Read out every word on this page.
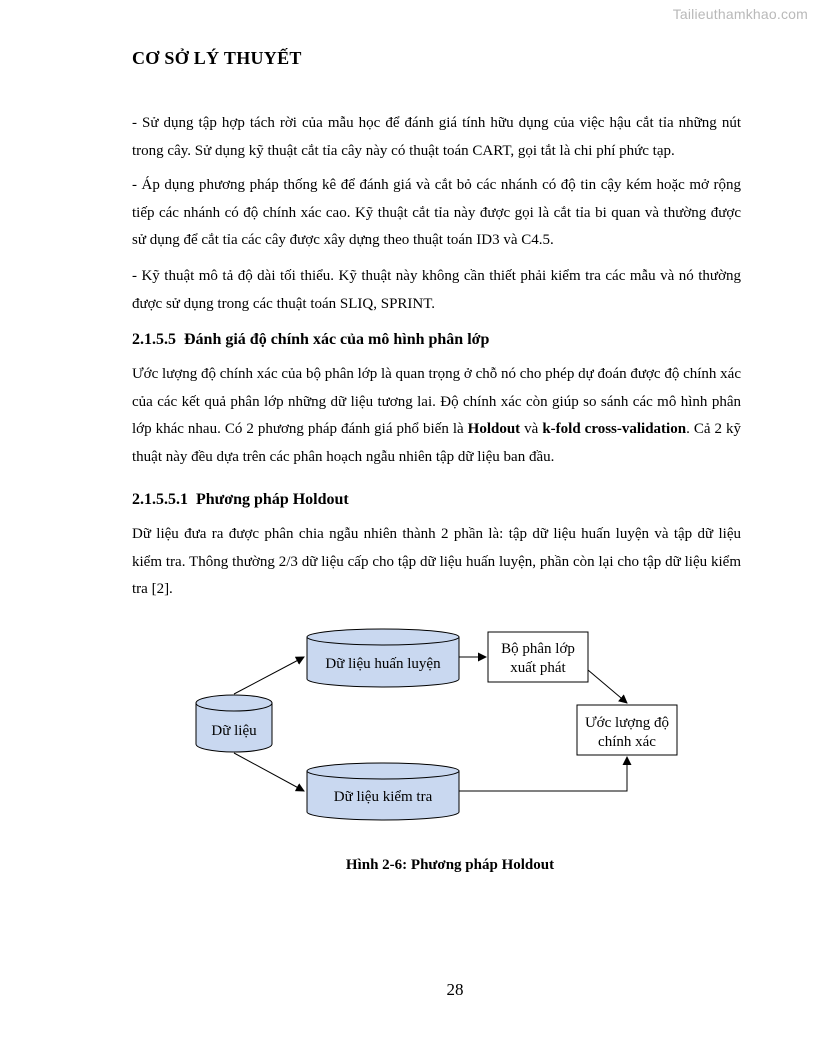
Tailieuthamkhao.com
CƠ SỞ LÝ THUYẾT

- Sử dụng tập hợp tách rời của mẫu học để đánh giá tính hữu dụng của việc hậu cắt tỉa những nút trong cây. Sử dụng kỹ thuật cắt tỉa cây này có thuật toán CART, gọi tắt là chi phí phức tạp.

- Áp dụng phương pháp thống kê để đánh giá và cắt bỏ các nhánh có độ tin cậy kém hoặc mở rộng tiếp các nhánh có độ chính xác cao. Kỹ thuật cắt tỉa này được gọi là cắt tỉa bi quan và thường được sử dụng để cắt tỉa các cây được xây dựng theo thuật toán ID3 và C4.5.

- Kỹ thuật mô tả độ dài tối thiểu. Kỹ thuật này không cần thiết phải kiểm tra các mẫu và nó thường được sử dụng trong các thuật toán SLIQ, SPRINT.

2.1.5.5 Đánh giá độ chính xác của mô hình phân lớp

Ước lượng độ chính xác của bộ phân lớp là quan trọng ở chỗ nó cho phép dự đoán được độ chính xác của các kết quả phân lớp những dữ liệu tương lai. Độ chính xác còn giúp so sánh các mô hình phân lớp khác nhau. Có 2 phương pháp đánh giá phổ biến là Holdout và k-fold cross-validation. Cả 2 kỹ thuật này đều dựa trên các phân hoạch ngẫu nhiên tập dữ liệu ban đầu.

2.1.5.5.1 Phương pháp Holdout

Dữ liệu đưa ra được phân chia ngẫu nhiên thành 2 phần là: tập dữ liệu huấn luyện và tập dữ liệu kiểm tra. Thông thường 2/3 dữ liệu cấp cho tập dữ liệu huấn luyện, phần còn lại cho tập dữ liệu kiểm tra [2].

Dữ liệu
Dữ liệu huấn luyện
Dữ liệu kiểm tra
Bộ phân lớp
xuất phát
Ước lượng độ
chính xác
Hình 2-6: Phương pháp Holdout
28
